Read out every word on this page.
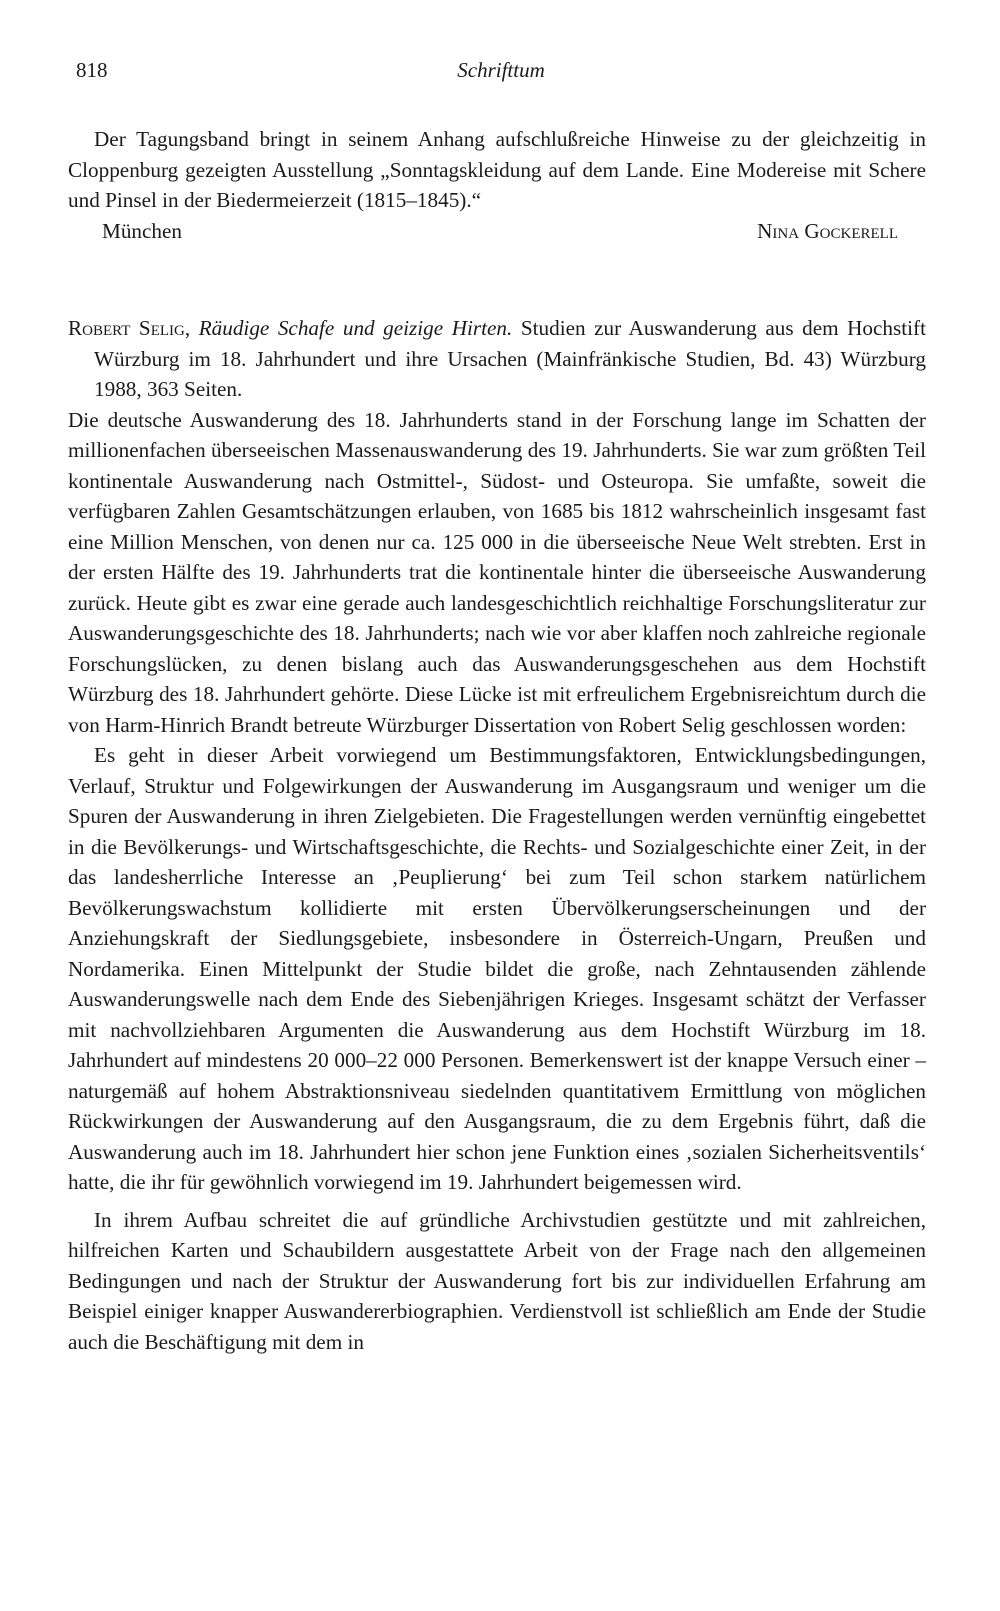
818	Schrifttum

Der Tagungsband bringt in seinem Anhang aufschlußreiche Hinweise zu der gleichzeitig in Cloppenburg gezeigten Ausstellung „Sonntagskleidung auf dem Lande. Eine Modereise mit Schere und Pinsel in der Biedermeierzeit (1815–1845).“

München	Nina Gockerell

Robert Selig, Räudige Schafe und geizige Hirten. Studien zur Auswanderung aus dem Hochstift Würzburg im 18. Jahrhundert und ihre Ursachen (Mainfränkische Studien, Bd. 43) Würzburg 1988, 363 Seiten.

Die deutsche Auswanderung des 18. Jahrhunderts stand in der Forschung lange im Schatten der millionenfachen überseeischen Massenauswanderung des 19. Jahrhunderts. Sie war zum größten Teil kontinentale Auswanderung nach Ostmittel-, Südost- und Osteuropa. Sie umfaßte, soweit die verfügbaren Zahlen Gesamtschätzungen erlauben, von 1685 bis 1812 wahrscheinlich insgesamt fast eine Million Menschen, von denen nur ca. 125 000 in die überseeische Neue Welt strebten. Erst in der ersten Hälfte des 19. Jahrhunderts trat die kontinentale hinter die überseeische Auswanderung zurück. Heute gibt es zwar eine gerade auch landesgeschichtlich reichhaltige Forschungsliteratur zur Auswanderungsgeschichte des 18. Jahrhunderts; nach wie vor aber klaffen noch zahlreiche regionale Forschungslücken, zu denen bislang auch das Auswanderungsgeschehen aus dem Hochstift Würzburg des 18. Jahrhundert gehörte. Diese Lücke ist mit erfreulichem Ergebnisreichtum durch die von Harm-Hinrich Brandt betreute Würzburger Dissertation von Robert Selig geschlossen worden:

Es geht in dieser Arbeit vorwiegend um Bestimmungsfaktoren, Entwicklungsbedingungen, Verlauf, Struktur und Folgewirkungen der Auswanderung im Ausgangsraum und weniger um die Spuren der Auswanderung in ihren Zielgebieten. Die Fragestellungen werden vernünftig eingebettet in die Bevölkerungs- und Wirtschaftsgeschichte, die Rechts- und Sozialgeschichte einer Zeit, in der das landesherrliche Interesse an ‚Peuplierung‘ bei zum Teil schon starkem natürlichem Bevölkerungswachstum kollidierte mit ersten Übervölkerungserscheinungen und der Anziehungskraft der Siedlungsgebiete, insbesondere in Österreich-Ungarn, Preußen und Nordamerika. Einen Mittelpunkt der Studie bildet die große, nach Zehntausenden zählende Auswanderungswelle nach dem Ende des Siebenjährigen Krieges. Insgesamt schätzt der Verfasser mit nachvollziehbaren Argumenten die Auswanderung aus dem Hochstift Würzburg im 18. Jahrhundert auf mindestens 20 000–22 000 Personen. Bemerkenswert ist der knappe Versuch einer – naturgemäß auf hohem Abstraktionsniveau siedelnden quantitativem Ermittlung von möglichen Rückwirkungen der Auswanderung auf den Ausgangsraum, die zu dem Ergebnis führt, daß die Auswanderung auch im 18. Jahrhundert hier schon jene Funktion eines ‚sozialen Sicherheitsventils‘ hatte, die ihr für gewöhnlich vorwiegend im 19. Jahrhundert beigemessen wird.

In ihrem Aufbau schreitet die auf gründliche Archivstudien gestützte und mit zahlreichen, hilfreichen Karten und Schaubildern ausgestattete Arbeit von der Frage nach den allgemeinen Bedingungen und nach der Struktur der Auswanderung fort bis zur individuellen Erfahrung am Beispiel einiger knapper Auswandererbiographien. Verdienstvoll ist schließlich am Ende der Studie auch die Beschäftigung mit dem in
